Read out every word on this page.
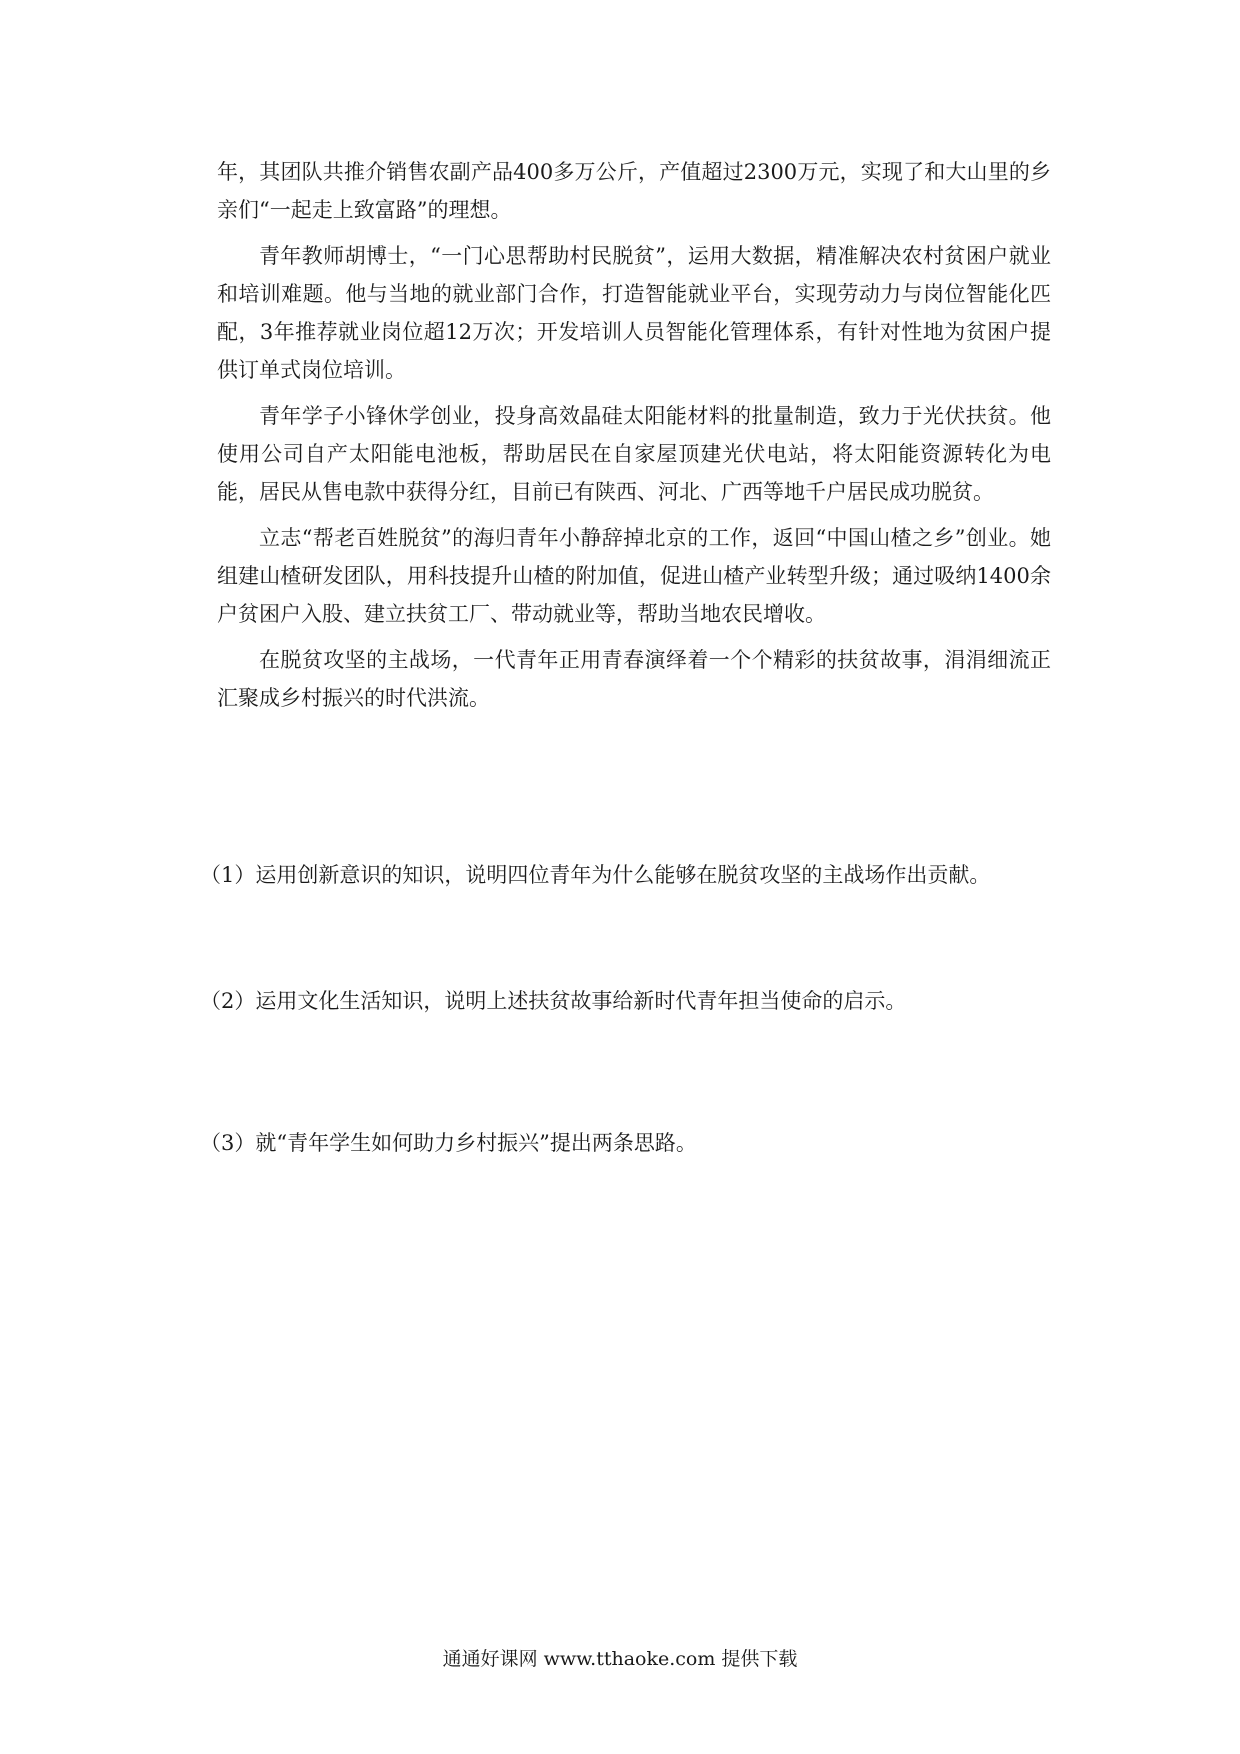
年，其团队共推介销售农副产品400多万公斤，产值超过2300万元，实现了和大山里的乡亲们“一起走上致富路”的理想。

青年教师胡博士，“一门心思帮助村民脱贫”，运用大数据，精准解决农村贫困户就业和培训难题。他与当地的就业部门合作，打造智能就业平台，实现劳动力与岗位智能化匹配，3年推荐就业岗位超12万次；开发培训人员智能化管理体系，有针对性地为贫困户提供订单式岗位培训。

青年学子小锋休学创业，投身高效晶硅太阳能材料的批量制造，致力于光伏扶贫。他使用公司自产太阳能电池板，帮助居民在自家屋顶建光伏电站，将太阳能资源转化为电能，居民从售电款中获得分红，目前已有陕西、河北、广西等地千户居民成功脱贫。

立志“帮老百姓脱贫”的海归青年小静辞掉北京的工作，返回“中国山楂之乡”创业。她组建山楂研发团队，用科技提升山楂的附加值，促进山楂产业转型升级；通过吸纳1400余户贫困户入股、建立扶贫工厂、带动就业等，帮助当地农民增收。

在脱贫攻坚的主战场，一代青年正用青春演绎着一个个精彩的扶贫故事，涓涓细流正汇聚成乡村振兴的时代洪流。

（1）运用创新意识的知识，说明四位青年为什么能够在脱贫攻坚的主战场作出贡献。
（2）运用文化生活知识，说明上述扶贫故事给新时代青年担当使命的启示。
（3）就“青年学生如何助力乡村振兴”提出两条思路。
通通好课网 www.tthaoke.com 提供下载
